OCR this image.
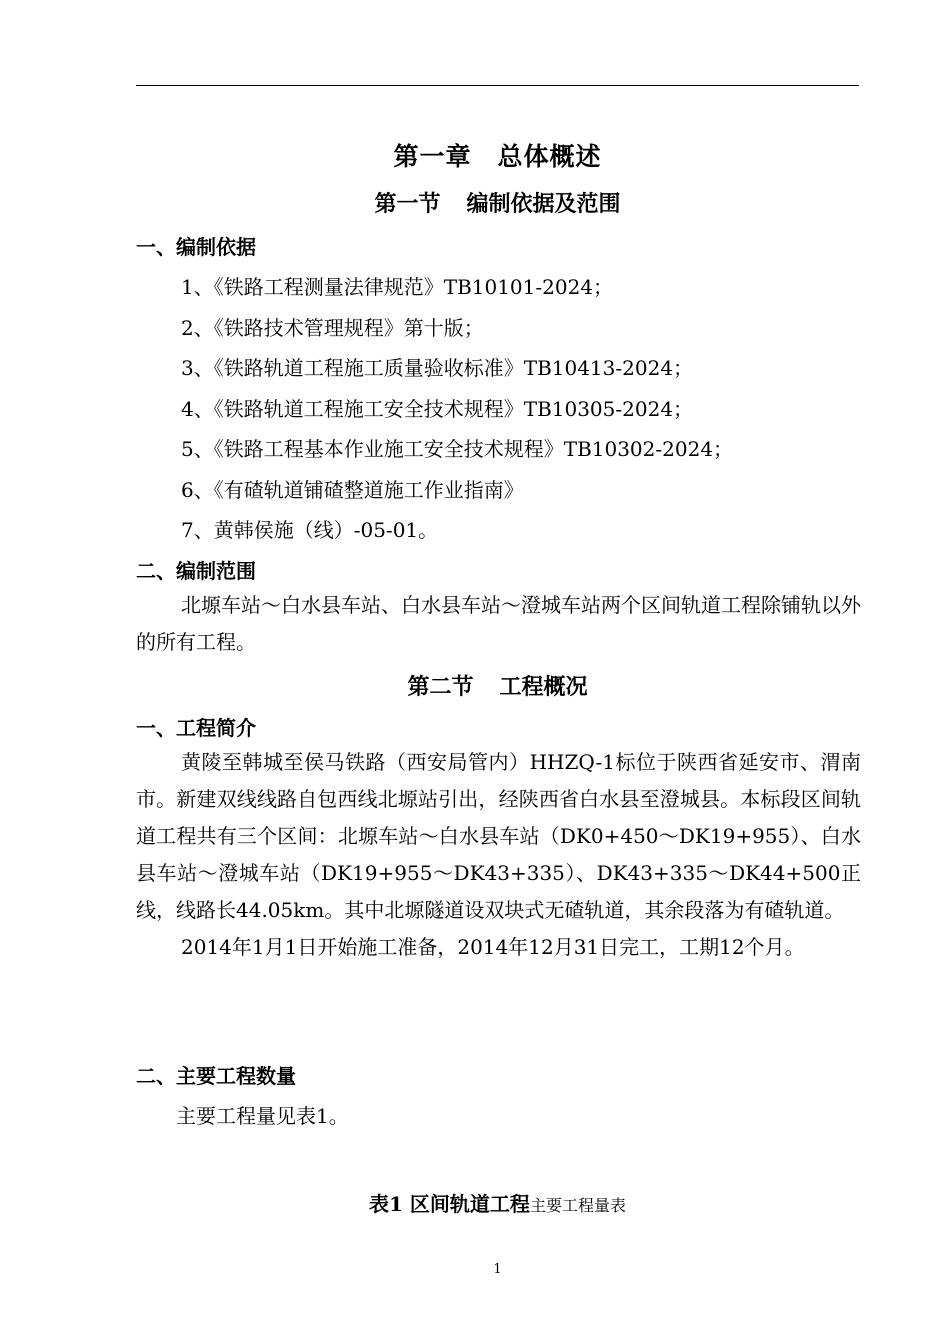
第一章 总体概述
第一节 编制依据及范围
一、编制依据
1、《铁路工程测量法律规范》TB10101-2024；
2、《铁路技术管理规程》第十版；
3、《铁路轨道工程施工质量验收标准》TB10413-2024；
4、《铁路轨道工程施工安全技术规程》TB10305-2024；
5、《铁路工程基本作业施工安全技术规程》TB10302-2024；
6、《有碴轨道铺碴整道施工作业指南》
7、黄韩侯施（线）-05-01。
二、编制范围

北塬车站～白水县车站、白水县车站～澄城车站两个区间轨道工程除铺轨以外的所有工程。

第二节 工程概况
一、工程简介

黄陵至韩城至侯马铁路（西安局管内）HHZQ-1标位于陕西省延安市、渭南市。新建双线线路自包西线北塬站引出，经陕西省白水县至澄城县。本标段区间轨道工程共有三个区间：北塬车站～白水县车站（DK0+450～DK19+955）、白水县车站～澄城车站（DK19+955～DK43+335）、DK43+335～DK44+500正线，线路长44.05km。其中北塬隧道设双块式无碴轨道，其余段落为有碴轨道。

2014年1月1日开始施工准备，2014年12月31日完工，工期12个月。

二、主要工程数量
主要工程量见表1。
表1 区间轨道工程主要工程量表
1
